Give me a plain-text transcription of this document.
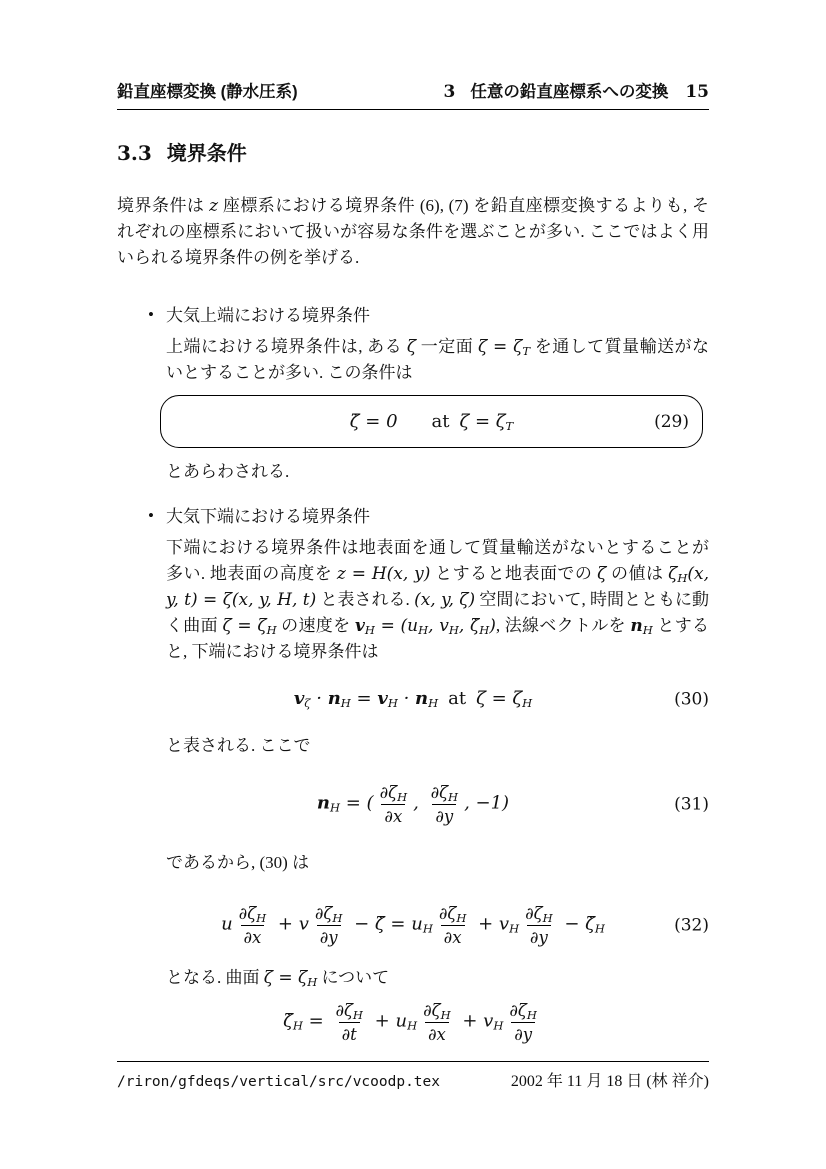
鉛直座標変換 (静水圧系)	3 任意の鉛直座標系への変換 15
3.3 境界条件

境界条件は z 座標系における境界条件 (6), (7) を鉛直座標変換するよりも, それぞれの座標系において扱いが容易な条件を選ぶことが多い. ここではよく用いられる境界条件の例を挙げる.

• 大気上端における境界条件
上端における境界条件は, ある ζ 一定面 $\zeta = \zeta_T$ を通して質量輸送がないとすることが多い. この条件は
ζ̇ = 0 at $\zeta = \zeta_T$	(29)

とあらわされる.

• 大気下端における境界条件
下端における境界条件は地表面を通して質量輸送がないとすることが多い. 地表面の高度を z = H(x, y) とすると地表面での ζ の値は $\zeta_H(x$, y, t) = ζ(x, y, H, t) と表される. (x, y, ζ) 空間において, 時間とともに動く曲面 $\zeta = \zeta_H$ の速度を $v_H = (u_H$, $v_H$, $\zetȧ_H$), 法線ベクトルを $n_H$ とすると, 下端における境界条件は
$v_\zeta \cdot n_H = v_H \cdot n_H$ at $\zeta = \zeta_H$	(30)

と表される. ここで

$n_H$ = ( $\frac{\partial\zeta_H}{\partial x}$ , $\frac{\partial\zeta_H}{\partial y}$ , −1)	(31)

であるから, (30) は

u $\frac{\partial\zeta_H}{\partial x} + v \frac{\partial\zeta_H}{\partial y}$ − ζ̇ = $u_H \frac{\partial\zeta_H}{\partial x} + v_H \frac{\partial\zeta_H}{\partial y}$ − $\zetȧ_H$	(32)

となる. 曲面 $\zeta = \zeta_H$ について

$\zetȧ_H = \frac{\partial\zeta_H}{\partial t} + u_H \frac{\partial\zeta_H}{\partial x} + v_H \frac{\partial\zeta_H}{\partial y}$
/riron/gfdeqs/vertical/src/vcoodp.tex	2002 年 11 月 18 日 (林 祥介)
